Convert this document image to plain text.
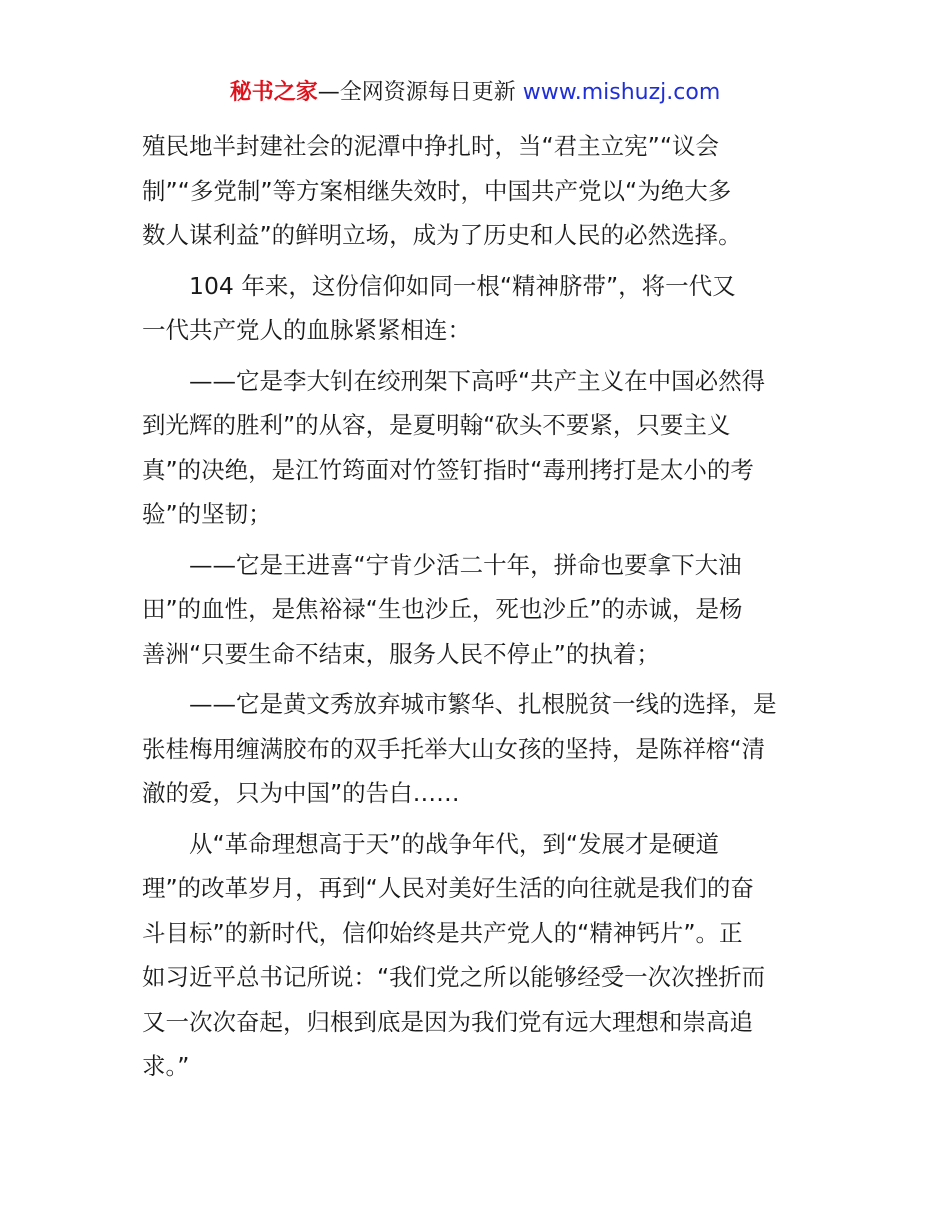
秘书之家—全网资源每日更新 www.mishuzj.com

殖民地半封建社会的泥潭中挣扎时，当“君主立宪”“议会
制”“多党制”等方案相继失效时，中国共产党以“为绝大多
数人谋利益”的鲜明立场，成为了历史和人民的必然选择。

104 年来，这份信仰如同一根“精神脐带”，将一代又
一代共产党人的血脉紧紧相连：

——它是李大钊在绞刑架下高呼“共产主义在中国必然得
到光辉的胜利”的从容，是夏明翰“砍头不要紧，只要主义
真”的决绝，是江竹筠面对竹签钉指时“毒刑拷打是太小的考
验”的坚韧；

——它是王进喜“宁肯少活二十年，拼命也要拿下大油
田”的血性，是焦裕禄“生也沙丘，死也沙丘”的赤诚，是杨
善洲“只要生命不结束，服务人民不停止”的执着；

——它是黄文秀放弃城市繁华、扎根脱贫一线的选择，是
张桂梅用缠满胶布的双手托举大山女孩的坚持，是陈祥榕“清
澈的爱，只为中国”的告白……

从“革命理想高于天”的战争年代，到“发展才是硬道
理”的改革岁月，再到“人民对美好生活的向往就是我们的奋
斗目标”的新时代，信仰始终是共产党人的“精神钙片”。正
如习近平总书记所说：“我们党之所以能够经受一次次挫折而
又一次次奋起，归根到底是因为我们党有远大理想和崇高追
求。”
